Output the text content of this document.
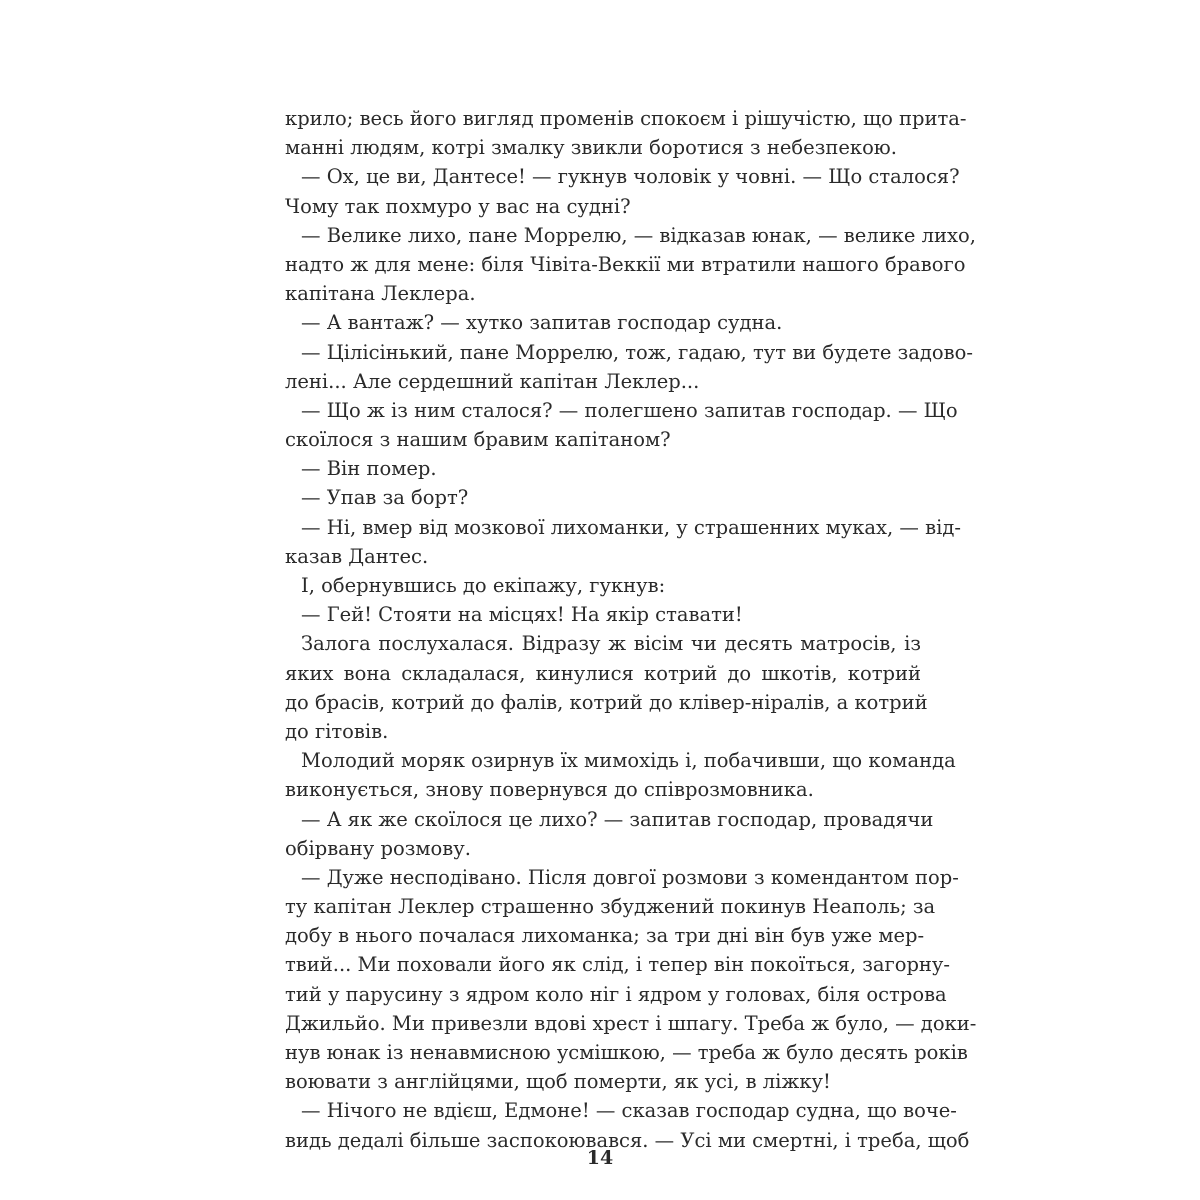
крило; весь його вигляд променів спокоєм і рішучістю, що прита-
манні людям, котрі змалку звикли боротися з небезпекою.
— Ох, це ви, Дантесе! — гукнув чоловік у човні. — Що сталося?
Чому так похмуро у вас на судні?
— Велике лихо, пане Моррелю, — відказав юнак, — велике лихо,
надто ж для мене: біля Чівіта-Веккії ми втратили нашого бравого
капітана Леклера.
— А вантаж? — хутко запитав господар судна.
— Цілісінький, пане Моррелю, тож, гадаю, тут ви будете задово-
лені... Але сердешний капітан Леклер...
— Що ж із ним сталося? — полегшено запитав господар. — Що
скоїлося з нашим бравим капітаном?
— Він помер.
— Упав за борт?
— Ні, вмер від мозкової лихоманки, у страшенних муках, — від-
казав Дантес.
І, обернувшись до екіпажу, гукнув:
— Гей! Стояти на місцях! На якір ставати!
Залога послухалася. Відразу ж вісім чи десять матросів, із
яких вона складалася, кинулися котрий до шкотів, котрий
до брасів, котрий до фалів, котрий до клівер-ніралів, а котрий
до гітовів.
Молодий моряк озирнув їх мимохідь і, побачивши, що команда
виконується, знову повернувся до співрозмовника.
— А як же скоїлося це лихо? — запитав господар, провадячи
обірвану розмову.
— Дуже несподівано. Після довгої розмови з комендантом пор-
ту капітан Леклер страшенно збуджений покинув Неаполь; за
добу в нього почалася лихоманка; за три дні він був уже мер-
твий... Ми поховали його як слід, і тепер він покоїться, загорну-
тий у парусину з ядром коло ніг і ядром у головах, біля острова
Джильйо. Ми привезли вдові хрест і шпагу. Треба ж було, — доки-
нув юнак із ненавмисною усмішкою, — треба ж було десять років
воювати з англійцями, щоб померти, як усі, в ліжку!
— Нічого не вдієш, Едмоне! — сказав господар судна, що вочe-
видь дедалі більше заспокоювався. — Усі ми смертні, і треба, щоб
14
